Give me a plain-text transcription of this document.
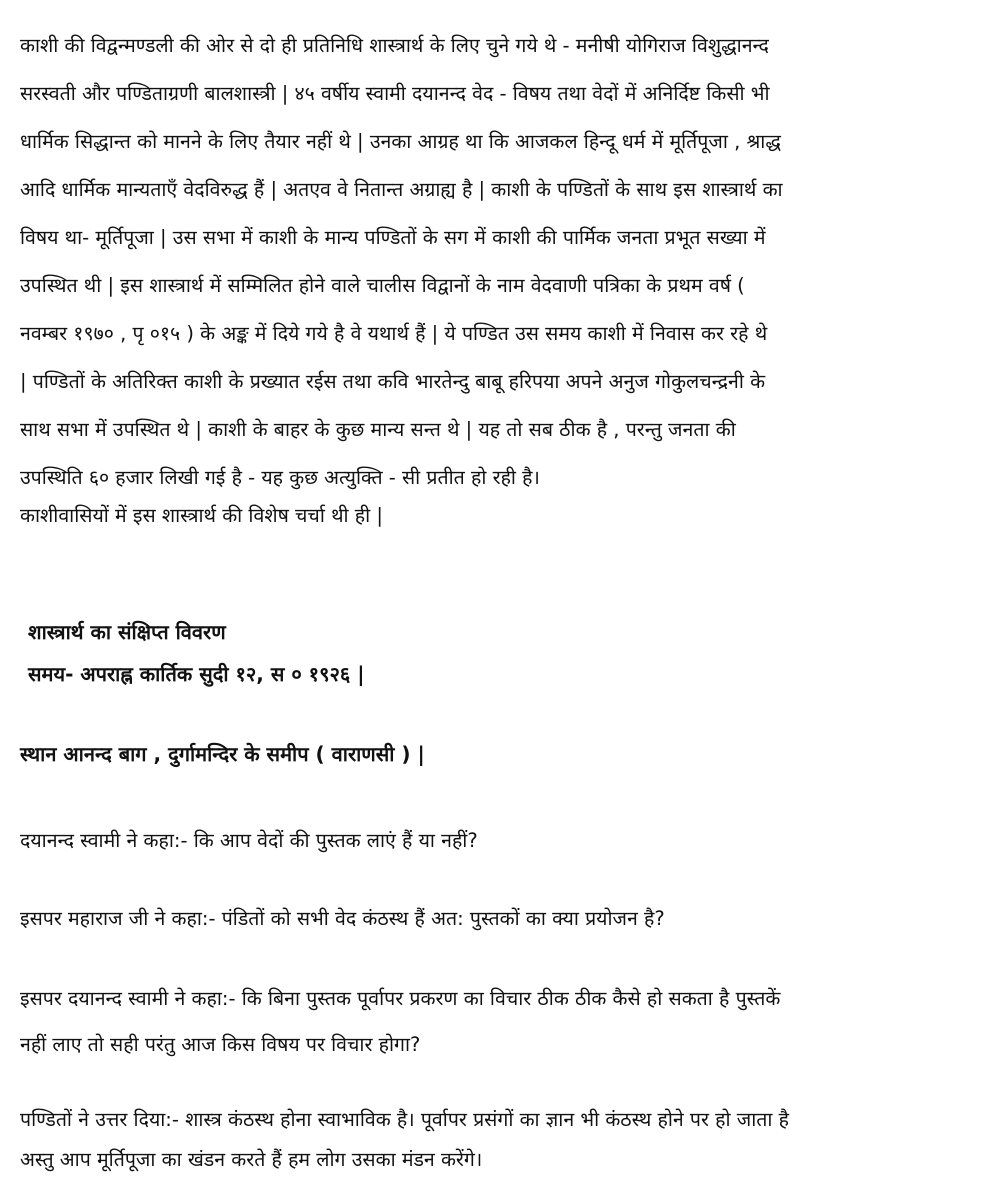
काशी की विद्वन्मण्डली की ओर से दो ही प्रतिनिधि शास्त्रार्थ के लिए चुने गये थे - मनीषी योगिराज विशुद्धानन्द
सरस्वती और पण्डिताग्रणी बालशास्त्री | ४५ वर्षीय स्वामी दयानन्द वेद - विषय तथा वेदों में अनिर्दिष्ट किसी भी
धार्मिक सिद्धान्त को मानने के लिए तैयार नहीं थे | उनका आग्रह था कि आजकल हिन्दू धर्म में मूर्तिपूजा , श्राद्ध
आदि धार्मिक मान्यताएँ वेदविरुद्ध हैं | अतएव वे नितान्त अग्राह्य है | काशी के पण्डितों के साथ इस शास्त्रार्थ का
विषय था- मूर्तिपूजा | उस सभा में काशी के मान्य पण्डितों के सग में काशी की पार्मिक जनता प्रभूत सख्या में
उपस्थित थी | इस शास्त्रार्थ में सम्मिलित होने वाले चालीस विद्वानों के नाम वेदवाणी पत्रिका के प्रथम वर्ष (
नवम्बर १९७० , पृ ०१५ ) के अङ्क में दिये गये है वे यथार्थ हैं | ये पण्डित उस समय काशी में निवास कर रहे थे
| पण्डितों के अतिरिक्त काशी के प्रख्यात रईस तथा कवि भारतेन्दु बाबू हरिपया अपने अनुज गोकुलचन्द्रनी के
साथ सभा में उपस्थित थे | काशी के बाहर के कुछ मान्य सन्त थे | यह तो सब ठीक है , परन्तु जनता की
उपस्थिति ६० हजार लिखी गई है - यह कुछ अत्युक्ति - सी प्रतीत हो रही है।
काशीवासियों में इस शास्त्रार्थ की विशेष चर्चा थी ही |

शास्त्रार्थ का संक्षिप्त विवरण
समय- अपराह्न कार्तिक सुदी १२, स ० १९२६ |
स्थान आनन्द बाग , दुर्गामन्दिर के समीप ( वाराणसी ) |

दयानन्द स्वामी ने कहा:- कि आप वेदों की पुस्तक लाएं हैं या नहीं?

इसपर महाराज जी ने कहा:- पंडितों को सभी वेद कंठस्थ हैं अत: पुस्तकों का क्या प्रयोजन है?

इसपर दयानन्द स्वामी ने कहा:- कि बिना पुस्तक पूर्वापर प्रकरण का विचार ठीक ठीक कैसे हो सकता है पुस्तकें
नहीं लाए तो सही परंतु आज किस विषय पर विचार होगा?

पण्डितों ने उत्तर दिया:- शास्त्र कंठस्थ होना स्वाभाविक है। पूर्वापर प्रसंगों का ज्ञान भी कंठस्थ होने पर हो जाता है
अस्तु आप मूर्तिपूजा का खंडन करते हैं हम लोग उसका मंडन करेंगे।
